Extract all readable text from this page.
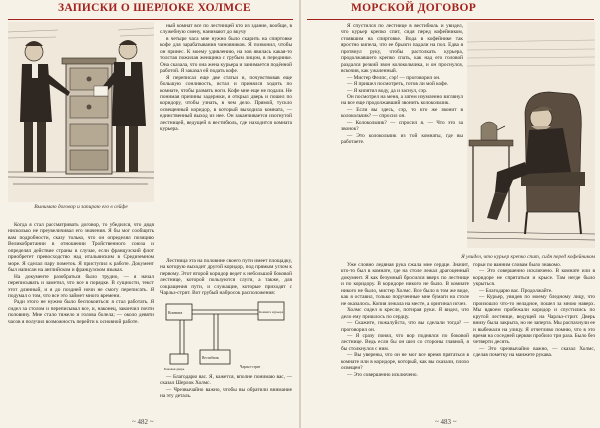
ЗАПИСКИ О ШЕРЛОКЕ ХОЛМСЕ
Вынимаю договор и запираю его в сейфе

ный комнат все по лестницей кто из здание, вообще, в служебную смену, нанимают до вкучу

в четыре часа мне нужно было скарить на спиртовке кофе для зарабатывания чиновников. Я позвонил, чтобы он принес. К моему удивлению, на зов явилась какая-то толстая пожилая женщина с грубым лицом, в переднике. Она сказала, что она жена курьера и занимается подённой работой. Я заказал ей подать кофе.

Я переписал еще две статьи и, почувствовав еще большую сонливость, встал и принялся ходить по комнате, чтобы размять ноги. Кофе мне еще не подали. Не понимая причины задержки, я открыл дверь и пошел по коридору, чтобы узнать, в чем дело. Прямой, тускло освещенный коридор, в который выходила комната, — единственный выход из нее. Он заканчивается изогнутой лестницей, ведущей в вестибюль, где находится комната курьера.

Когда я стал рассматривать договор, то убедился, что дядя нисколько не преувеличивал его значения. Я бы мог сообщить вам подробности, сказу только, что он определял позицию Великобритании в отношении Тройственного союза и определял действие страны в случае, если французский флот приобретет превосходство над итальянским в Средиземном море. Я сделал пару пометок. Я приступил к работе. Документ был написан на английском и французском языках.

На документе разобраться было трудно, — я начал переписывать и заметил, что все в порядке. В сущности, текст этот длинный, и я до поздней ночи не смогу переписать. Я подумал о том, что все это займет много времени.

Ради этого не нужно было беспокоиться: я стал работать. Я сидел за столом и переписывал все, и, наконец, закончил почти половину. Мне стало тяжело и голова болела; — около девяти часов я получил возможность перейти к основной работе.

Лестница эта на половине своего пути имеет площадку, на которую выходит другой коридор, под прямым углом к первому. Этот второй коридор ведет к небольшой боковой лестнице, которой пользуются слуги, а также, для сокращения пути, и служащие, которые приходят с Чарльз-стрит. Вот грубый набросок расположения:

Комната	Комната курьера
Вестибюль
Боковая дверь	Чарльз-стрит

— Благодарю вас. Я, кажется, вполне понимаю вас, — сказал Шерлок Холмс.

— Чрезвычайно важно, чтобы вы обратили внимание на эту деталь.

~ 482 ~
МОРСКОЙ ДОГОВОР

Я спустился по лестнице в вестибюль и увидел, что курьер крепко спит, сидя перед кофейником, стоявшим на спиртовке. Вода в кофейнике так яростно кипела, что ее брызги падали на пол. Едва я протянул руку, чтобы растолкать курьера, продолжавшего крепко спать, как над его головой раздался резкий звон колокольчика, и он проснулся, вскочив, как ужаленный.

— Мистер Фелпс, сэр! — проговорил он.

— Я пришел посмотреть, готов ли мой кофе.

— Я кипятил воду, да и заснул, сэр.

Он посмотрел на меня, а затем изумленно взглянул на все еще продолжавший звонить колокольчик.

— Если вы здесь, сэр, то кто же звонит в колокольчик? — спросил он.

— Колокольчик? — спросил я. — Что это за звонок?

— Это колокольчик из той комнаты, где вы работаете.

Я увидел, что курьер крепко спит, сидя перед кофейником

Уже словно ледяная рука сжала мне сердце. Значит, кто-то был в комнате, где на столе лежал драгоценный документ. Я как безумный бросился вверх по лестнице и по коридору. В коридоре никого не было. В комнате никого не было, мистер Холмс. Все было в том же виде, как я оставил, только порученные мне бумаги на столе не оказалось. Копия лежала на месте, а оригинал исчез.

Холмс сидел в кресле, потирая руки. Я видел, что дело ему пришлось по сердцу.

— Скажите, пожалуйста, что вы сделали тогда? — проговорил он.

— Я сразу понял, что вор поднялся по боковой лестнице. Ведь если бы он шел со стороны главной, я бы столкнулся с ним.

— Вы уверены, что он не мог все время прятаться в комнате или в коридоре, который, как вы сказали, плохо освещен?

— Это совершенно исключено.

горьи по ванним словам было знакомо.

— Это совершенно исключено. В комнате или в коридоре не спрятаться и крысе. Там негде было укрыться.

— Благодарю вас. Продолжайте.

— Курьер, увидев по моему бледному лицу, что произошло что-то неладное, пошел за мною наверх. Мы вдвоем пробежали коридор и спустились по крутой лестнице, ведущей на Чарльз-стрит. Дверь внизу была закрыта, но не заперта. Мы распахнули ее и выбежали на улицу. Я отчетливо помню, что в это время на соседней церкви пробило три раза. Было без четверти десять.

— Это чрезвычайно важно, — сказал Холмс, сделав пометку на манжете рукава.

~ 483 ~
